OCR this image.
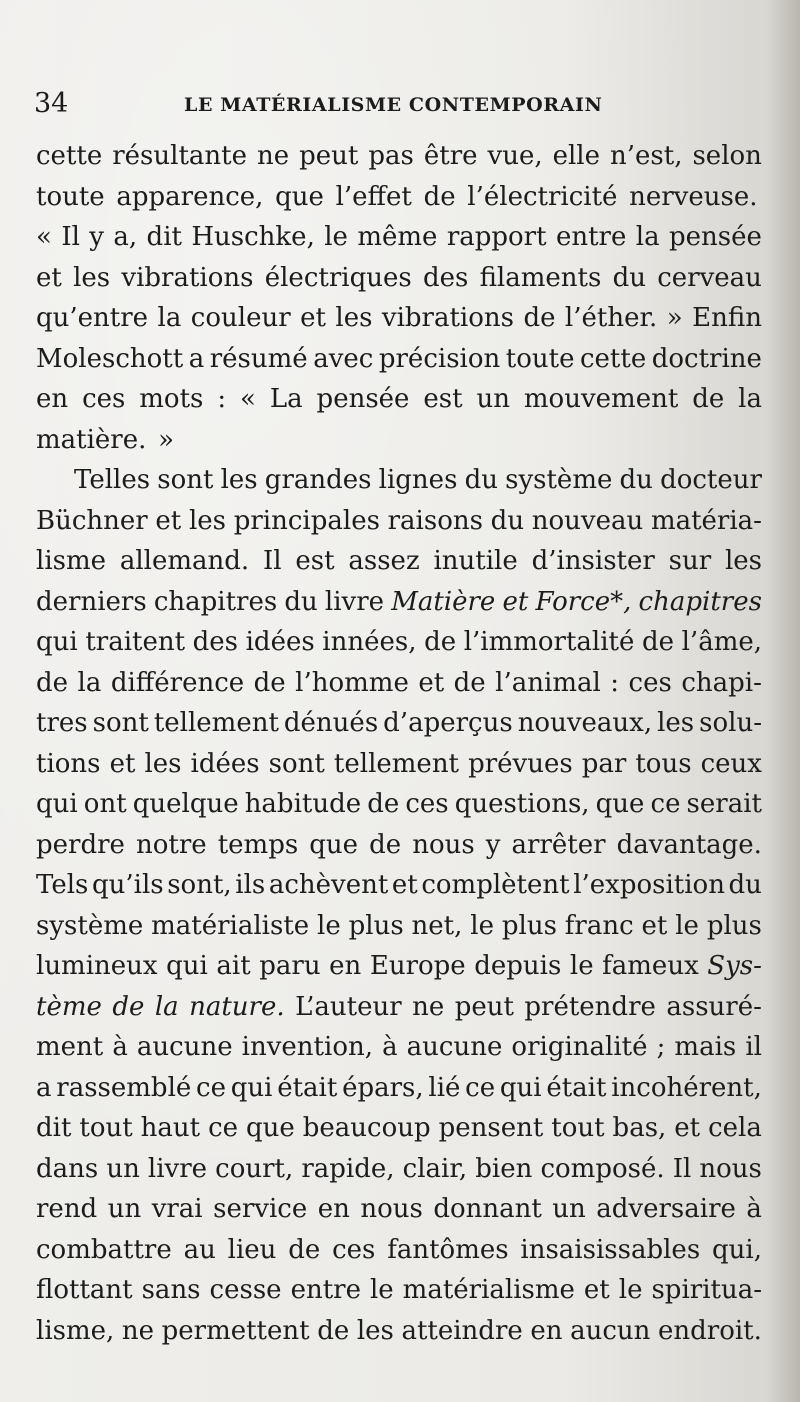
34	LE MATÉRIALISME CONTEMPORAIN
cette résultante ne peut pas être vue, elle n’est, selon
toute apparence, que l’effet de l’électricité nerveuse.
« Il y a, dit Huschke, le même rapport entre la pensée
et les vibrations électriques des filaments du cerveau
qu’entre la couleur et les vibrations de l’éther. » Enfin
Moleschott a résumé avec précision toute cette doctrine
en ces mots : « La pensée est un mouvement de la
matière. »
Telles sont les grandes lignes du système du docteur
Büchner et les principales raisons du nouveau matéria-
lisme allemand. Il est assez inutile d’insister sur les
derniers chapitres du livre Matière et Force*, chapitres
qui traitent des idées innées, de l’immortalité de l’âme,
de la différence de l’homme et de l’animal : ces chapi-
tres sont tellement dénués d’aperçus nouveaux, les solu-
tions et les idées sont tellement prévues par tous ceux
qui ont quelque habitude de ces questions, que ce serait
perdre notre temps que de nous y arrêter davantage.
Tels qu’ils sont, ils achèvent et complètent l’exposition du
système matérialiste le plus net, le plus franc et le plus
lumineux qui ait paru en Europe depuis le fameux Sys-
tème de la nature. L’auteur ne peut prétendre assuré-
ment à aucune invention, à aucune originalité ; mais il
a rassemblé ce qui était épars, lié ce qui était incohérent,
dit tout haut ce que beaucoup pensent tout bas, et cela
dans un livre court, rapide, clair, bien composé. Il nous
rend un vrai service en nous donnant un adversaire à
combattre au lieu de ces fantômes insaisissables qui,
flottant sans cesse entre le matérialisme et le spiritua-
lisme, ne permettent de les atteindre en aucun endroit.
